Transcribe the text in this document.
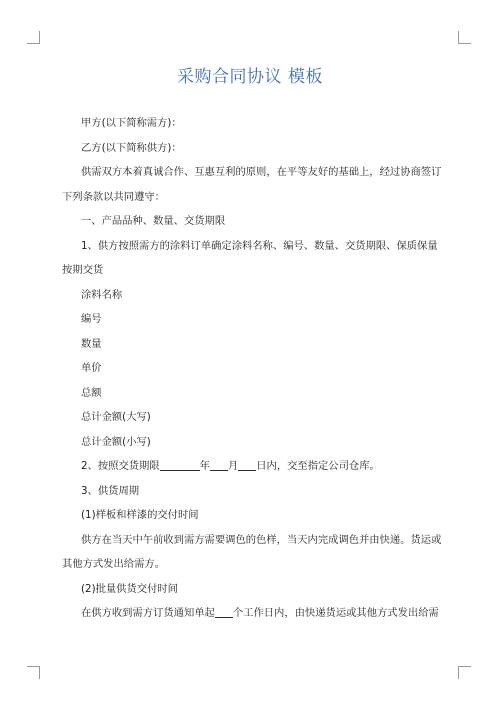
采购合同协议 模板

甲方(以下简称需方)：

乙方(以下简称供方)：

供需双方本着真诚合作、互惠互利的原则，在平等友好的基础上，经过协商签订

下列条款以共同遵守：

一、产品品种、数量、交货期限

1、供方按照需方的涂料订单确定涂料名称、编号、数量、交货期限、保质保量

按期交货

涂料名称

编号

数量

单价

总额

总计金额(大写)

总计金额(小写)

2、按照交货期限	年 月 日内，交至指定公司仓库。

3、供货周期

(1)样板和样漆的交付时间

供方在当天中午前收到需方需要调色的色样，当天内完成调色并由快递。货运或

其他方式发出给需方。

(2)批量供货交付时间

在供方收到需方订货通知单起 个工作日内，由快递货运或其他方式发出给需
